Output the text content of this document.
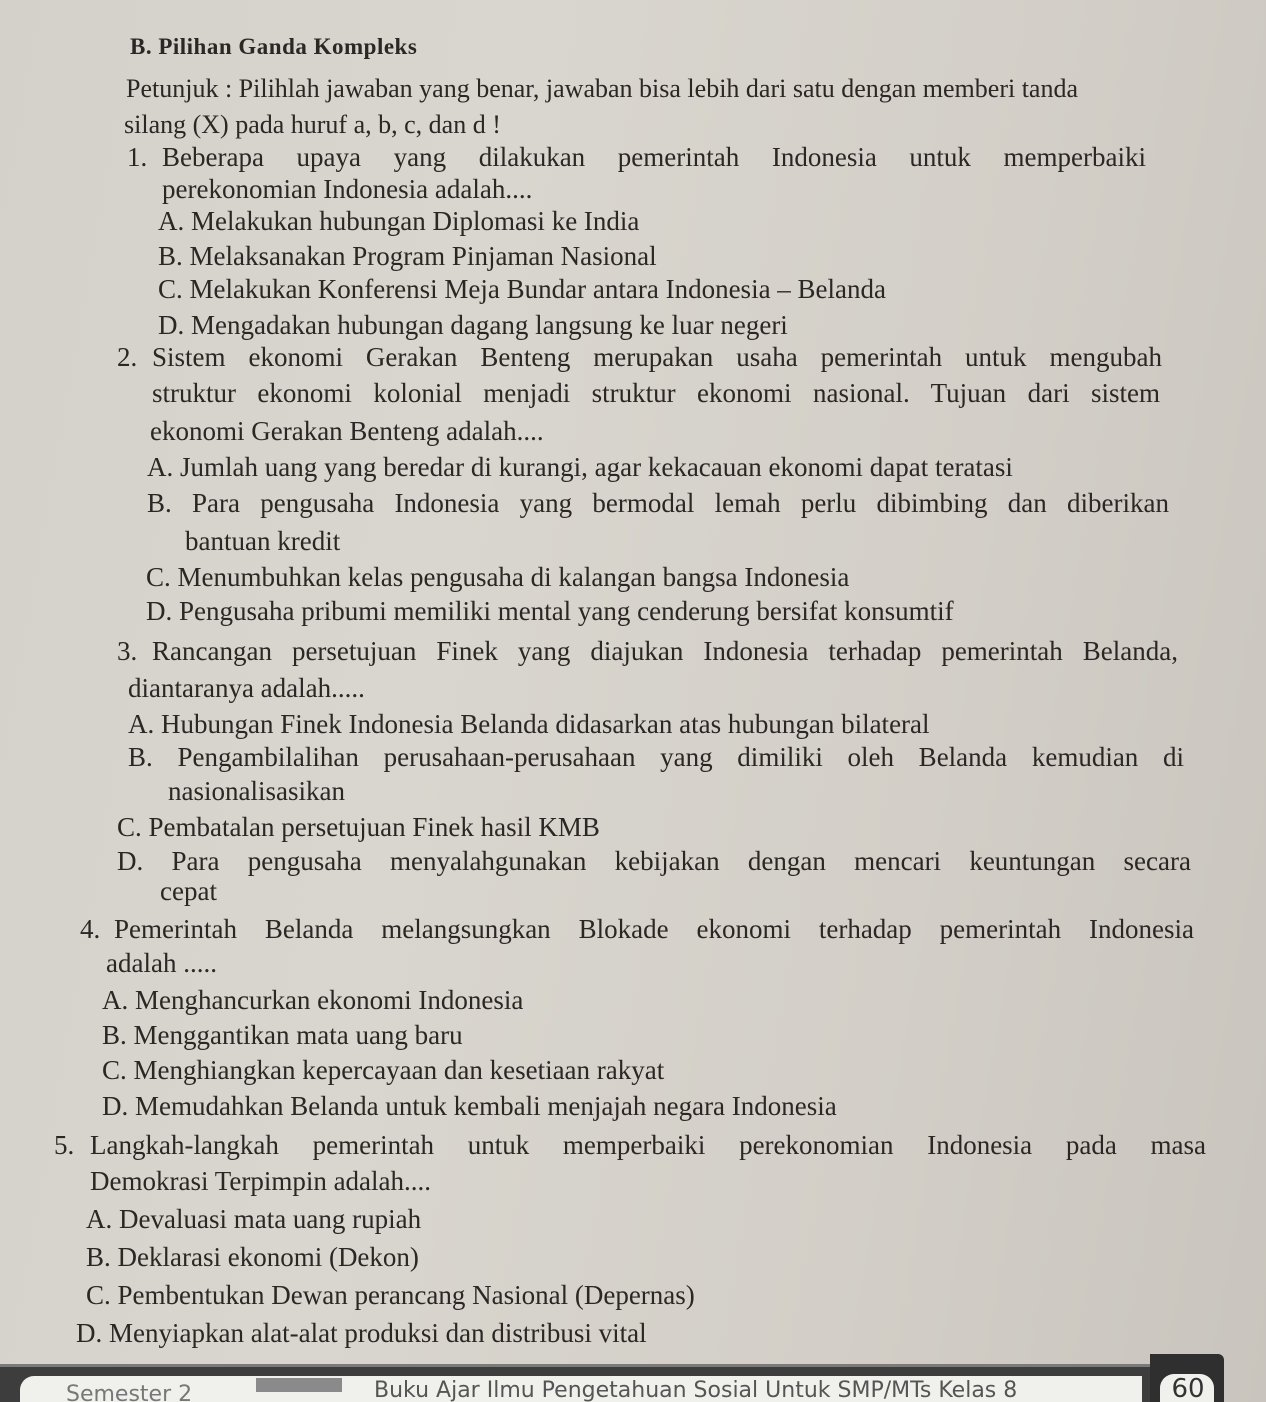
B. Pilihan Ganda Kompleks
Petunjuk : Pilihlah jawaban yang benar, jawaban bisa lebih dari satu dengan memberi tanda
silang (X) pada huruf a, b, c, dan d !
1. Beberapa upaya yang dilakukan pemerintah Indonesia untuk memperbaiki
perekonomian Indonesia adalah....
A. Melakukan hubungan Diplomasi ke India
B. Melaksanakan Program Pinjaman Nasional
C. Melakukan Konferensi Meja Bundar antara Indonesia – Belanda
D. Mengadakan hubungan dagang langsung ke luar negeri
2. Sistem ekonomi Gerakan Benteng merupakan usaha pemerintah untuk mengubah
struktur ekonomi kolonial menjadi struktur ekonomi nasional. Tujuan dari sistem
ekonomi Gerakan Benteng adalah....
A. Jumlah uang yang beredar di kurangi, agar kekacauan ekonomi dapat teratasi
B. Para pengusaha Indonesia yang bermodal lemah perlu dibimbing dan diberikan
bantuan kredit
C. Menumbuhkan kelas pengusaha di kalangan bangsa Indonesia
D. Pengusaha pribumi memiliki mental yang cenderung bersifat konsumtif
3. Rancangan persetujuan Finek yang diajukan Indonesia terhadap pemerintah Belanda,
diantaranya adalah.....
A. Hubungan Finek Indonesia Belanda didasarkan atas hubungan bilateral
B. Pengambilalihan perusahaan-perusahaan yang dimiliki oleh Belanda kemudian di
nasionalisasikan
C. Pembatalan persetujuan Finek hasil KMB
D. Para pengusaha menyalahgunakan kebijakan dengan mencari keuntungan secara
cepat
4. Pemerintah Belanda melangsungkan Blokade ekonomi terhadap pemerintah Indonesia
adalah .....
A. Menghancurkan ekonomi Indonesia
B. Menggantikan mata uang baru
C. Menghiangkan kepercayaan dan kesetiaan rakyat
D. Memudahkan Belanda untuk kembali menjajah negara Indonesia
5. Langkah-langkah pemerintah untuk memperbaiki perekonomian Indonesia pada masa
Demokrasi Terpimpin adalah....
A. Devaluasi mata uang rupiah
B. Deklarasi ekonomi (Dekon)
C. Pembentukan Dewan perancang Nasional (Depernas)
D. Menyiapkan alat-alat produksi dan distribusi vital
Semester 2	Buku Ajar Ilmu Pengetahuan Sosial Untuk SMP/MTs Kelas 8	60
